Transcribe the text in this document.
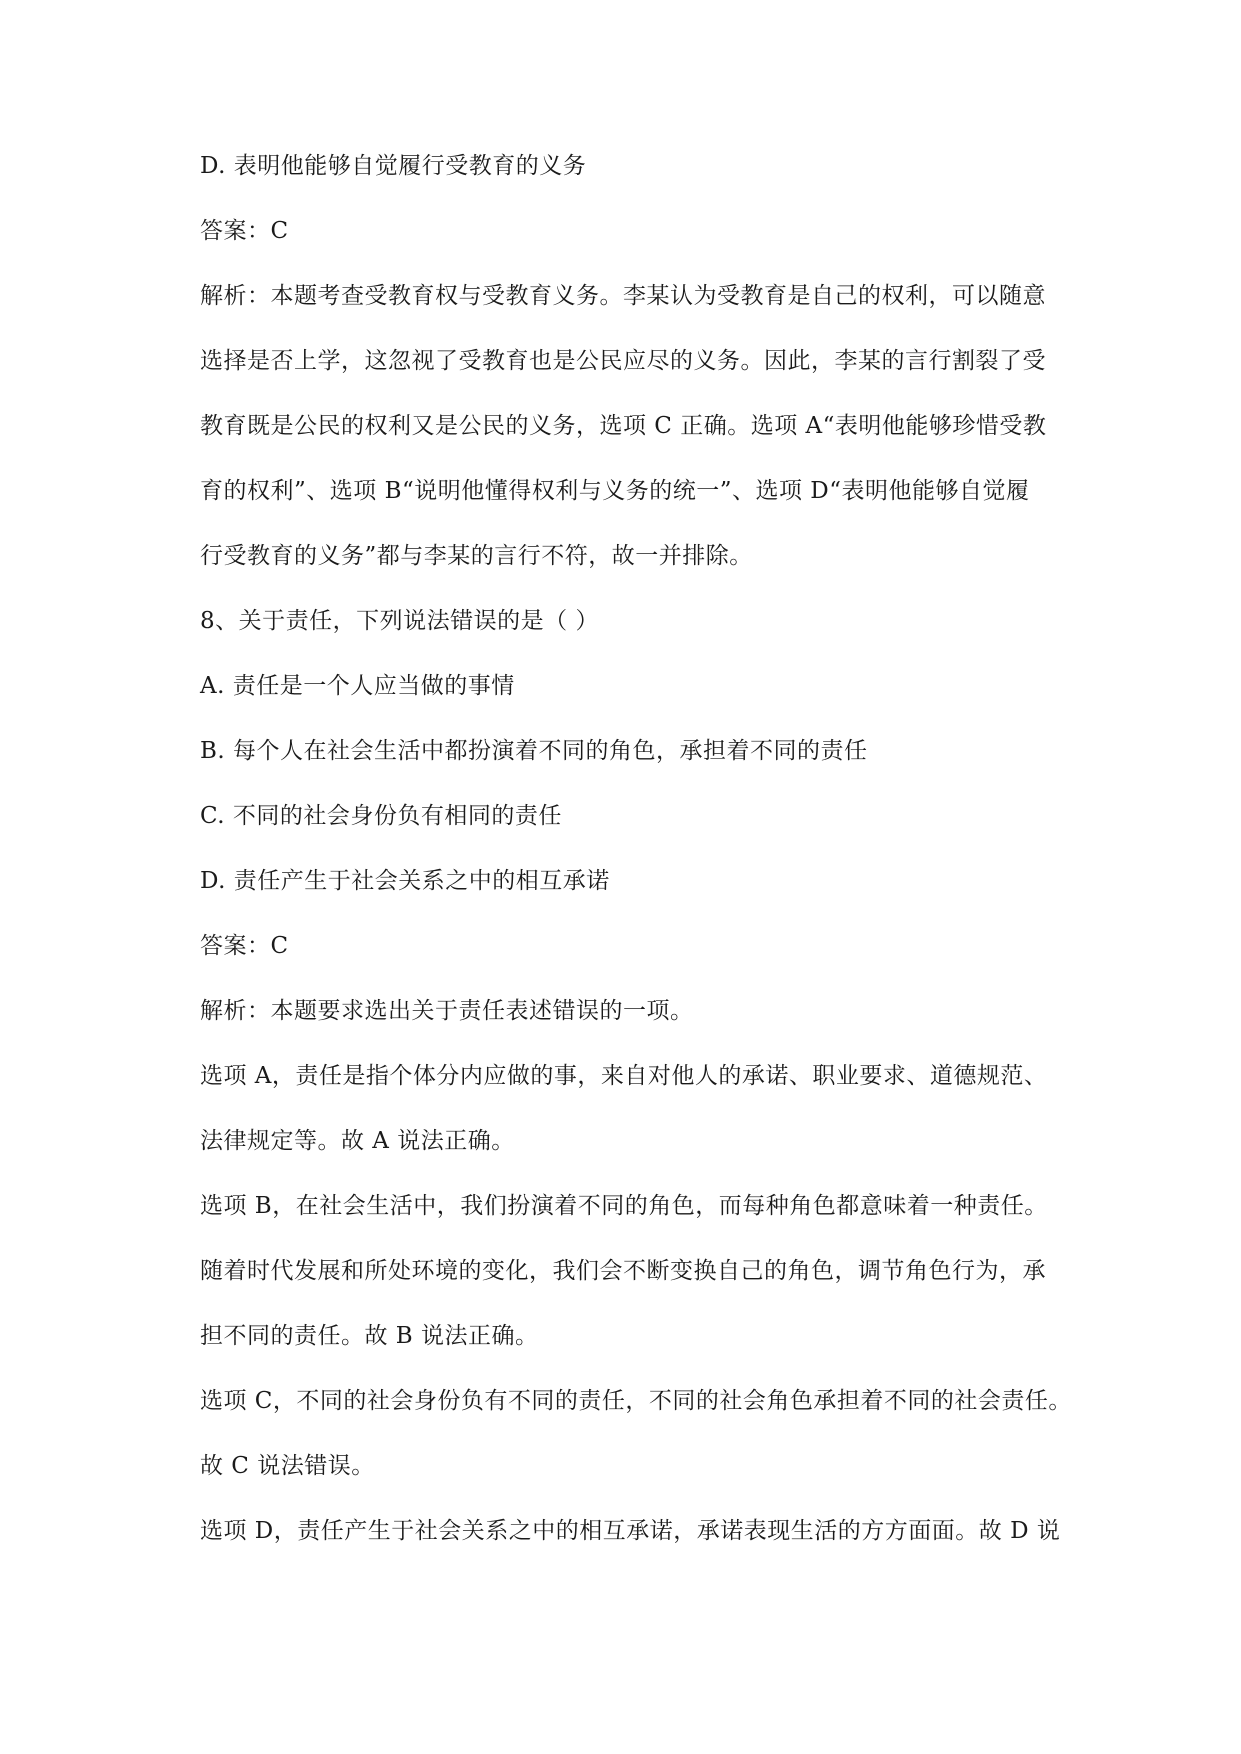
D. 表明他能够自觉履行受教育的义务
答案：C
解析：本题考查受教育权与受教育义务。李某认为受教育是自己的权利，可以随意
选择是否上学，这忽视了受教育也是公民应尽的义务。因此，李某的言行割裂了受
教育既是公民的权利又是公民的义务，选项 C 正确。选项 A“表明他能够珍惜受教
育的权利”、选项 B“说明他懂得权利与义务的统一”、选项 D“表明他能够自觉履
行受教育的义务”都与李某的言行不符，故一并排除。
8、关于责任，下列说法错误的是（ ）
A. 责任是一个人应当做的事情
B. 每个人在社会生活中都扮演着不同的角色，承担着不同的责任
C. 不同的社会身份负有相同的责任
D. 责任产生于社会关系之中的相互承诺
答案：C
解析：本题要求选出关于责任表述错误的一项。
选项 A，责任是指个体分内应做的事，来自对他人的承诺、职业要求、道德规范、
法律规定等。故 A 说法正确。
选项 B，在社会生活中，我们扮演着不同的角色，而每种角色都意味着一种责任。
随着时代发展和所处环境的变化，我们会不断变换自己的角色，调节角色行为，承
担不同的责任。故 B 说法正确。
选项 C，不同的社会身份负有不同的责任，不同的社会角色承担着不同的社会责任。
故 C 说法错误。
选项 D，责任产生于社会关系之中的相互承诺，承诺表现生活的方方面面。故 D 说
